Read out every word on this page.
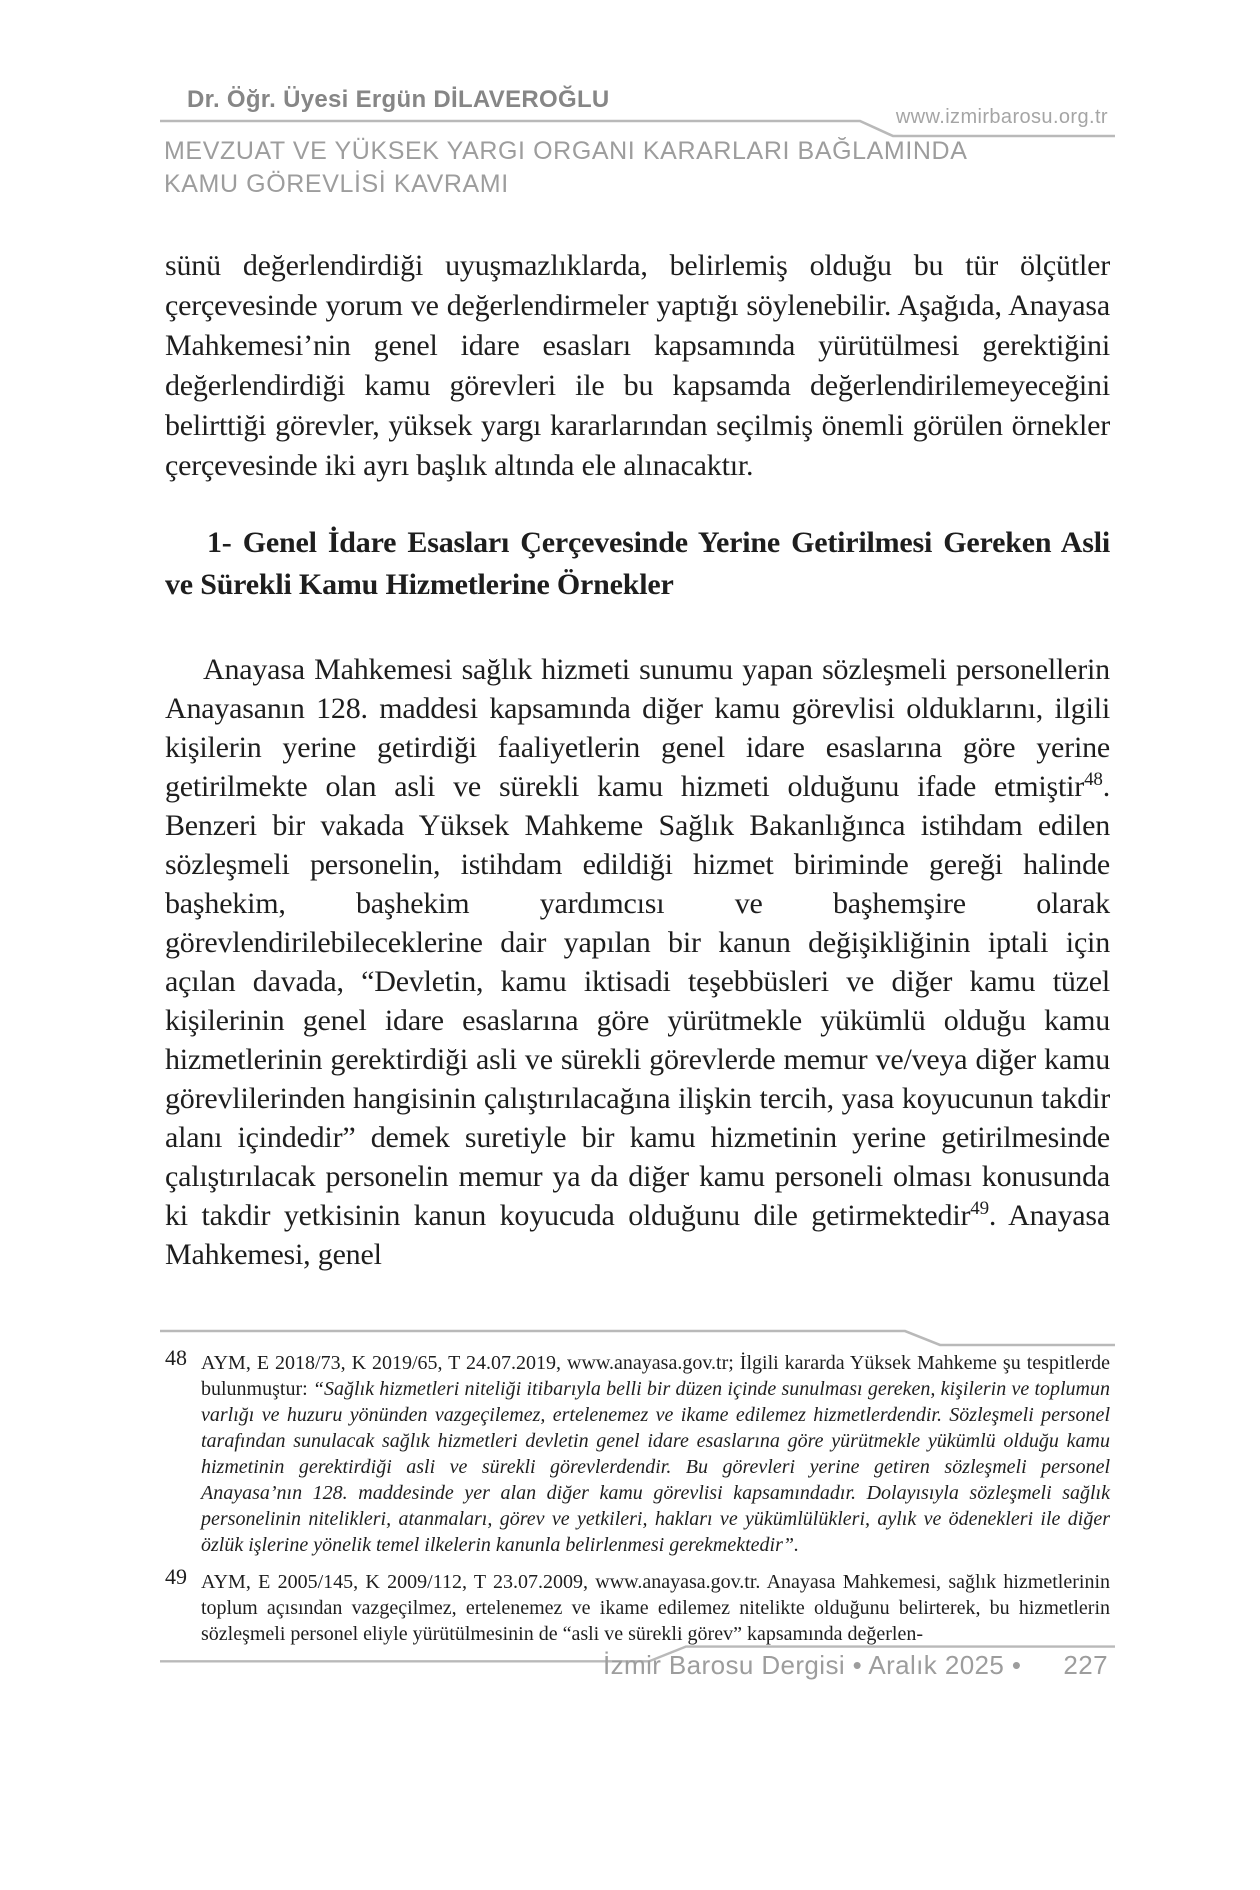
Dr. Öğr. Üyesi Ergün DİLAVEROĞLU
www.izmirbarosu.org.tr
MEVZUAT VE YÜKSEK YARGI ORGANI KARARLARI BAĞLAMINDA
KAMU GÖREVLİSİ KAVRAMI
sünü değerlendirdiği uyuşmazlıklarda, belirlemiş olduğu bu tür ölçütler çerçevesinde yorum ve değerlendirmeler yaptığı söylenebilir. Aşağıda, Anayasa Mahkemesi’nin genel idare esasları kapsamında yürütülmesi gerektiğini değerlendirdiği kamu görevleri ile bu kapsamda değerlendirilemeyeceğini belirttiği görevler, yüksek yargı kararlarından seçilmiş önemli görülen örnekler çerçevesinde iki ayrı başlık altında ele alınacaktır.
1- Genel İdare Esasları Çerçevesinde Yerine Getirilmesi Gereken Asli ve Sürekli Kamu Hizmetlerine Örnekler
Anayasa Mahkemesi sağlık hizmeti sunumu yapan sözleşmeli personellerin Anayasanın 128. maddesi kapsamında diğer kamu görevlisi olduklarını, ilgili kişilerin yerine getirdiği faaliyetlerin genel idare esaslarına göre yerine getirilmekte olan asli ve sürekli kamu hizmeti olduğunu ifade etmiştir$^{48}$. Benzeri bir vakada Yüksek Mahkeme Sağlık Bakanlığınca istihdam edilen sözleşmeli personelin, istihdam edildiği hizmet biriminde gereği halinde başhekim, başhekim yardımcısı ve başhemşire olarak görevlendirilebileceklerine dair yapılan bir kanun değişikliğinin iptali için açılan davada, “Devletin, kamu iktisadi teşebbüsleri ve diğer kamu tüzel kişilerinin genel idare esaslarına göre yürütmekle yükümlü olduğu kamu hizmetlerinin gerektirdiği asli ve sürekli görevlerde memur ve/veya diğer kamu görevlilerinden hangisinin çalıştırılacağına ilişkin tercih, yasa koyucunun takdir alanı içindedir” demek suretiyle bir kamu hizmetinin yerine getirilmesinde çalıştırılacak personelin memur ya da diğer kamu personeli olması konusunda ki takdir yetkisinin kanun koyucuda olduğunu dile getirmektedir$^{49}$. Anayasa Mahkemesi, genel
48 AYM, E 2018/73, K 2019/65, T 24.07.2019, www.anayasa.gov.tr; İlgili kararda Yüksek Mahkeme şu tespitlerde bulunmuştur: “Sağlık hizmetleri niteliği itibarıyla belli bir düzen içinde sunulması gereken, kişilerin ve toplumun varlığı ve huzuru yönünden vazgeçilemez, ertelenemez ve ikame edilemez hizmetlerdendir. Sözleşmeli personel tarafından sunulacak sağlık hizmetleri devletin genel idare esaslarına göre yürütmekle yükümlü olduğu kamu hizmetinin gerektirdiği asli ve sürekli görevlerdendir. Bu görevleri yerine getiren sözleşmeli personel Anayasa’nın 128. maddesinde yer alan diğer kamu görevlisi kapsamındadır. Dolayısıyla sözleşmeli sağlık personelinin nitelikleri, atanmaları, görev ve yetkileri, hakları ve yükümlülükleri, aylık ve ödenekleri ile diğer özlük işlerine yönelik temel ilkelerin kanunla belirlenmesi gerekmektedir”.
49 AYM, E 2005/145, K 2009/112, T 23.07.2009, www.anayasa.gov.tr. Anayasa Mahkemesi, sağlık hizmetlerinin toplum açısından vazgeçilmez, ertelenemez ve ikame edilemez nitelikte olduğunu belirterek, bu hizmetlerin sözleşmeli personel eliyle yürütülmesinin de “asli ve sürekli görev” kapsamında değerlen-
İzmir Barosu Dergisi • Aralık 2025 • 227
